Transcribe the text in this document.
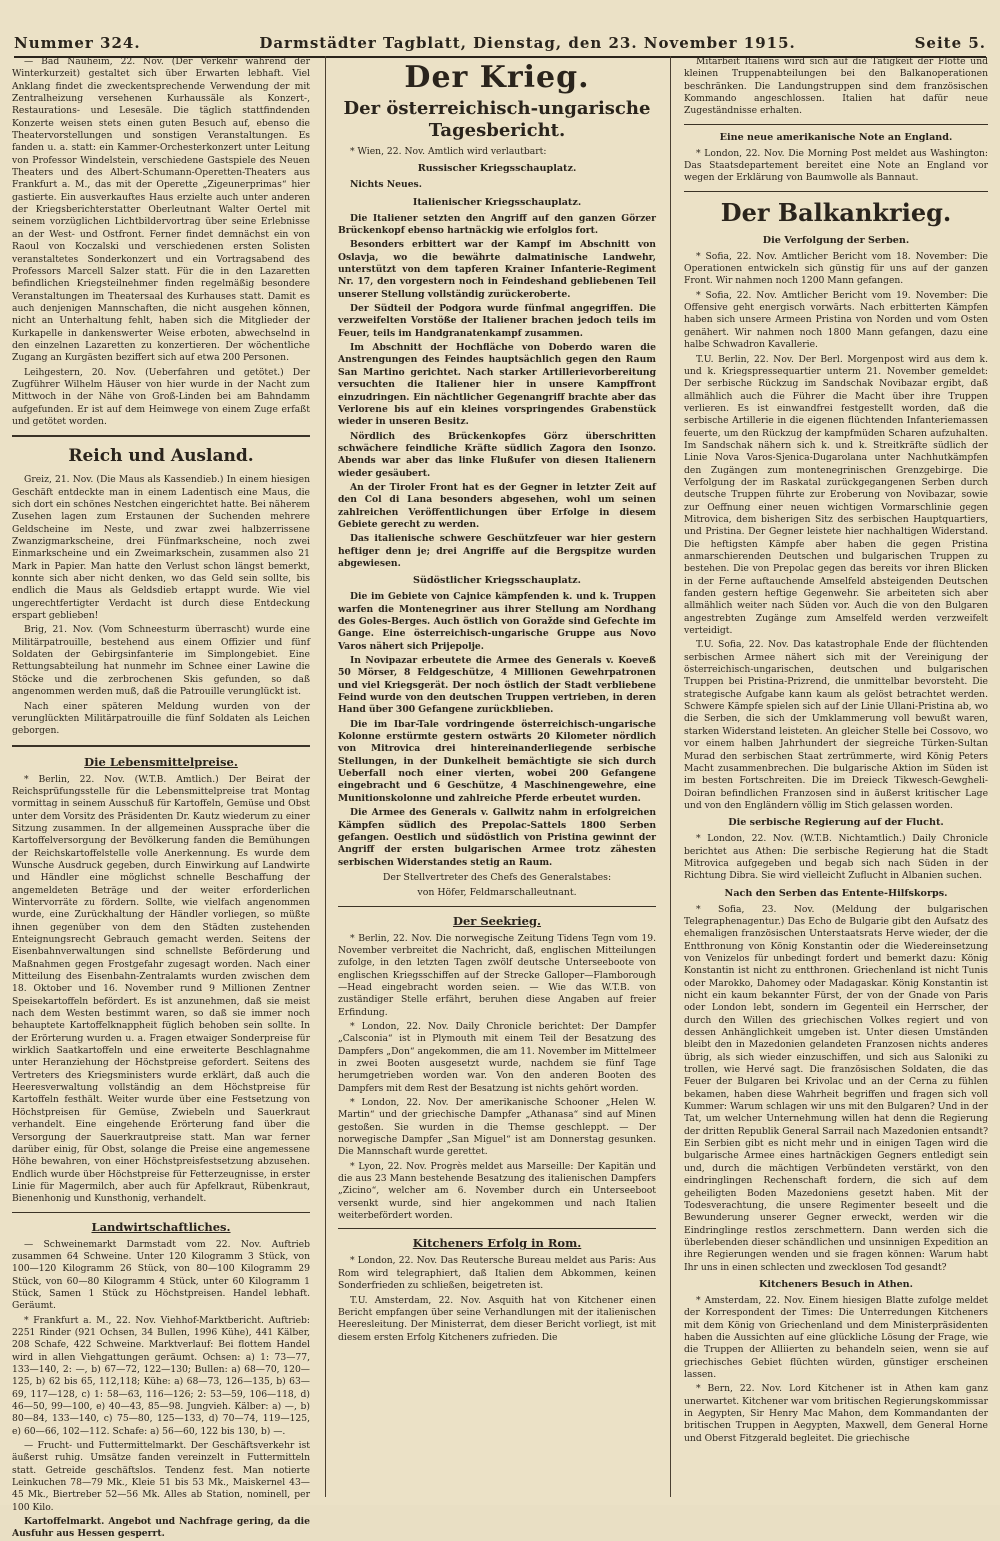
Nummer 324.	Darmstädter Tagblatt, Dienstag, den 23. November 1915.	Seite 5.

— Bad Nauheim, 22. Nov. (Der Verkehr während der Winterkurzeit) gestaltet sich über Erwarten lebhaft. Viel Anklang findet die zweckentsprechende Verwendung der mit Zentralheizung versehenen Kurhaussäle als Konzert-, Restaurations- und Lesesäle. Die täglich stattfindenden Konzerte weisen stets einen guten Besuch auf, ebenso die Theatervorstellungen und sonstigen Veranstaltungen. Es fanden u. a. statt: ein Kammer-Orchesterkonzert unter Leitung von Professor Windelstein, verschiedene Gastspiele des Neuen Theaters und des Albert-Schumann-Operetten-Theaters aus Frankfurt a. M., das mit der Operette „Zigeunerprimas“ hier gastierte. Ein ausverkauftes Haus erzielte auch unter anderen der Kriegsberichterstatter Oberleutnant Walter Oertel mit seinem vorzüglichen Lichtbildervortrag über seine Erlebnisse an der West- und Ostfront. Ferner findet demnächst ein von Raoul von Koczalski und verschiedenen ersten Solisten veranstaltetes Sonderkonzert und ein Vortragsabend des Professors Marcell Salzer statt. Für die in den Lazaretten befindlichen Kriegsteilnehmer finden regelmäßig besondere Veranstaltungen im Theatersaal des Kurhauses statt. Damit es auch denjenigen Mannschaften, die nicht ausgehen können, nicht an Unterhaltung fehlt, haben sich die Mitglieder der Kurkapelle in dankenswerter Weise erboten, abwechselnd in den einzelnen Lazaretten zu konzertieren. Der wöchentliche Zugang an Kurgästen beziffert sich auf etwa 200 Personen.

Leihgestern, 20. Nov. (Ueberfahren und getötet.) Der Zugführer Wilhelm Häuser von hier wurde in der Nacht zum Mittwoch in der Nähe von Groß-Linden bei am Bahndamm aufgefunden. Er ist auf dem Heimwege von einem Zuge erfaßt und getötet worden.

Reich und Ausland.

Greiz, 21. Nov. (Die Maus als Kassendieb.) In einem hiesigen Geschäft entdeckte man in einem Ladentisch eine Maus, die sich dort ein schönes Nestchen eingerichtet hatte. Bei näherem Zusehen lagen zum Erstaunen der Suchenden mehrere Geldscheine im Neste, und zwar zwei halbzerrissene Zwanzigmarkscheine, drei Fünfmarkscheine, noch zwei Einmarkscheine und ein Zweimarkschein, zusammen also 21 Mark in Papier. Man hatte den Verlust schon längst bemerkt, konnte sich aber nicht denken, wo das Geld sein sollte, bis endlich die Maus als Geldsdieb ertappt wurde. Wie viel ungerechtfertigter Verdacht ist durch diese Entdeckung erspart geblieben!

Brig, 21. Nov. (Vom Schneesturm überrascht) wurde eine Militärpatrouille, bestehend aus einem Offizier und fünf Soldaten der Gebirgsinfanterie im Simplongebiet. Eine Rettungsabteilung hat nunmehr im Schnee einer Lawine die Stöcke und die zerbrochenen Skis gefunden, so daß angenommen werden muß, daß die Patrouille verunglückt ist.

Nach einer späteren Meldung wurden von der verunglückten Militärpatrouille die fünf Soldaten als Leichen geborgen.

Die Lebensmittelpreise.

* Berlin, 22. Nov. (W.T.B. Amtlich.) Der Beirat der Reichsprüfungsstelle für die Lebensmittelpreise trat Montag vormittag in seinem Ausschuß für Kartoffeln, Gemüse und Obst unter dem Vorsitz des Präsidenten Dr. Kautz wiederum zu einer Sitzung zusammen. In der allgemeinen Aussprache über die Kartoffelversorgung der Bevölkerung fanden die Bemühungen der Reichskartoffelstelle volle Anerkennung. Es wurde dem Wunsche Ausdruck gegeben, durch Einwirkung auf Landwirte und Händler eine möglichst schnelle Beschaffung der angemeldeten Beträge und der weiter erforderlichen Wintervorräte zu fördern. Sollte, wie vielfach angenommen wurde, eine Zurückhaltung der Händler vorliegen, so müßte ihnen gegenüber von dem den Städten zustehenden Enteignungsrecht Gebrauch gemacht werden. Seitens der Eisenbahnverwaltungen sind schnellste Beförderung und Maßnahmen gegen Frostgefahr zugesagt worden. Nach einer Mitteilung des Eisenbahn-Zentralamts wurden zwischen dem 18. Oktober und 16. November rund 9 Millionen Zentner Speisekartoffeln befördert. Es ist anzunehmen, daß sie meist nach dem Westen bestimmt waren, so daß sie immer noch behauptete Kartoffelknappheit füglich behoben sein sollte. In der Erörterung wurden u. a. Fragen etwaiger Sonderpreise für wirklich Saatkartoffeln und eine erweiterte Beschlagnahme unter Heranziehung der Höchstpreise gefordert. Seitens des Vertreters des Kriegsministers wurde erklärt, daß auch die Heeresverwaltung vollständig an dem Höchstpreise für Kartoffeln festhält. Weiter wurde über eine Festsetzung von Höchstpreisen für Gemüse, Zwiebeln und Sauerkraut verhandelt. Eine eingehende Erörterung fand über die Versorgung der Sauerkrautpreise statt. Man war ferner darüber einig, für Obst, solange die Preise eine angemessene Höhe bewahren, von einer Höchstpreisfestsetzung abzusehen. Endlich wurde über Höchstpreise für Fetterzeugnisse, in erster Linie für Magermilch, aber auch für Apfelkraut, Rübenkraut, Bienenhonig und Kunsthonig, verhandelt.

Landwirtschaftliches.

— Schweinemarkt Darmstadt vom 22. Nov. Auftrieb zusammen 64 Schweine. Unter 120 Kilogramm 3 Stück, von 100—120 Kilogramm 26 Stück, von 80—100 Kilogramm 29 Stück, von 60—80 Kilogramm 4 Stück, unter 60 Kilogramm 1 Stück, Samen 1 Stück zu Höchstpreisen. Handel lebhaft. Geräumt.

* Frankfurt a. M., 22. Nov. Viehhof-Marktbericht. Auftrieb: 2251 Rinder (921 Ochsen, 34 Bullen, 1996 Kühe), 441 Kälber, 208 Schafe, 422 Schweine. Marktverlauf: Bei flottem Handel wird in allen Viehgattungen geräumt. Ochsen: a) 1: 73—77, 133—140, 2: —, b) 67—72, 122—130; Bullen: a) 68—70, 120—125, b) 62 bis 65, 112,118; Kühe: a) 68—73, 126—135, b) 63—69, 117—128, c) 1: 58—63, 116—126; 2: 53—59, 106—118, d) 46—50, 99—100, e) 40—43, 85—98. Jungvieh. Kälber: a) —, b) 80—84, 133—140, c) 75—80, 125—133, d) 70—74, 119—125, e) 60—66, 102—112. Schafe: a) 56—60, 122 bis 130, b) —.

— Frucht- und Futtermittelmarkt. Der Geschäftsverkehr ist äußerst ruhig. Umsätze fanden vereinzelt in Futtermitteln statt. Getreide geschäftslos. Tendenz fest. Man notierte Leinkuchen 78—79 Mk., Kleie 51 bis 53 Mk., Maiskernel 43—45 Mk., Biertreber 52—56 Mk. Alles ab Station, nominell, per 100 Kilo.

Kartoffelmarkt. Angebot und Nachfrage gering, da die Ausfuhr aus Hessen gesperrt.

Der Krieg.
Der österreichisch-ungarische Tagesbericht.

* Wien, 22. Nov. Amtlich wird verlautbart:

Russischer Kriegsschauplatz.

Nichts Neues.

Italienischer Kriegsschauplatz.

Die Italiener setzten den Angriff auf den ganzen Görzer Brückenkopf ebenso hartnäckig wie erfolglos fort.

Besonders erbittert war der Kampf im Abschnitt von Oslavja, wo die bewährte dalmatinische Landwehr, unterstützt von dem tapferen Krainer Infanterie-Regiment Nr. 17, den vorgestern noch in Feindeshand gebliebenen Teil unserer Stellung vollständig zurückeroberte.

Der Südteil der Podgora wurde fünfmal angegriffen. Die verzweifelten Vorstöße der Italiener brachen jedoch teils im Feuer, teils im Handgranatenkampf zusammen.

Im Abschnitt der Hochfläche von Doberdo waren die Anstrengungen des Feindes hauptsächlich gegen den Raum San Martino gerichtet. Nach starker Artillerievorbereitung versuchten die Italiener hier in unsere Kampffront einzudringen. Ein nächtlicher Gegenangriff brachte aber das Verlorene bis auf ein kleines vorspringendes Grabenstück wieder in unseren Besitz.

Nördlich des Brückenkopfes Görz überschritten schwächere feindliche Kräfte südlich Zagora den Isonzo. Abends war aber das linke Flußufer von diesen Italienern wieder gesäubert.

An der Tiroler Front hat es der Gegner in letzter Zeit auf den Col di Lana besonders abgesehen, wohl um seinen zahlreichen Veröffentlichungen über Erfolge in diesem Gebiete gerecht zu werden.

Das italienische schwere Geschützfeuer war hier gestern heftiger denn je; drei Angriffe auf die Bergspitze wurden abgewiesen.

Südöstlicher Kriegsschauplatz.

Die im Gebiete von Cajnice kämpfenden k. und k. Truppen warfen die Montenegriner aus ihrer Stellung am Nordhang des Goles-Berges. Auch östlich von Goražde sind Gefechte im Gange. Eine österreichisch-ungarische Gruppe aus Novo Varos nähert sich Prijepolje.

In Novipazar erbeutete die Armee des Generals v. Koeveß 50 Mörser, 8 Feldgeschütze, 4 Millionen Gewehrpatronen und viel Kriegsgerät. Der noch östlich der Stadt verbliebene Feind wurde von den deutschen Truppen vertrieben, in deren Hand über 300 Gefangene zurückblieben.

Die im Ibar-Tale vordringende österreichisch-ungarische Kolonne erstürmte gestern ostwärts 20 Kilometer nördlich von Mitrovica drei hintereinanderliegende serbische Stellungen, in der Dunkelheit bemächtigte sie sich durch Ueberfall noch einer vierten, wobei 200 Gefangene eingebracht und 6 Geschütze, 4 Maschinengewehre, eine Munitionskolonne und zahlreiche Pferde erbeutet wurden.

Die Armee des Generals v. Gallwitz nahm in erfolgreichen Kämpfen südlich des Prepolac-Sattels 1800 Serben gefangen. Oestlich und südöstlich von Pristina gewinnt der Angriff der ersten bulgarischen Armee trotz zähesten serbischen Widerstandes stetig an Raum.

Der Stellvertreter des Chefs des Generalstabes:
von Höfer, Feldmarschalleutnant.
Der Seekrieg.

* Berlin, 22. Nov. Die norwegische Zeitung Tidens Tegn vom 19. November verbreitet die Nachricht, daß, englischen Mitteilungen zufolge, in den letzten Tagen zwölf deutsche Unterseeboote von englischen Kriegsschiffen auf der Strecke Galloper—Flamborough—Head eingebracht worden seien. — Wie das W.T.B. von zuständiger Stelle erfährt, beruhen diese Angaben auf freier Erfindung.

* London, 22. Nov. Daily Chronicle berichtet: Der Dampfer „Calsconia“ ist in Plymouth mit einem Teil der Besatzung des Dampfers „Don“ angekommen, die am 11. November im Mittelmeer in zwei Booten ausgesetzt wurde, nachdem sie fünf Tage herumgetrieben worden war. Von den anderen Booten des Dampfers mit dem Rest der Besatzung ist nichts gehört worden.

* London, 22. Nov. Der amerikanische Schooner „Helen W. Martin“ und der griechische Dampfer „Athanasa“ sind auf Minen gestoßen. Sie wurden in die Themse geschleppt. — Der norwegische Dampfer „San Miguel“ ist am Donnerstag gesunken. Die Mannschaft wurde gerettet.

* Lyon, 22. Nov. Progrès meldet aus Marseille: Der Kapitän und die aus 23 Mann bestehende Besatzung des italienischen Dampfers „Zicino“, welcher am 6. November durch ein Unterseeboot versenkt wurde, sind hier angekommen und nach Italien weiterbefördert worden.

Kitcheners Erfolg in Rom.

* London, 22. Nov. Das Reutersche Bureau meldet aus Paris: Aus Rom wird telegraphiert, daß Italien dem Abkommen, keinen Sonderfrieden zu schließen, beigetreten ist.

T.U. Amsterdam, 22. Nov. Asquith hat von Kitchener einen Bericht empfangen über seine Verhandlungen mit der italienischen Heeresleitung. Der Ministerrat, dem dieser Bericht vorliegt, ist mit diesem ersten Erfolg Kitcheners zufrieden. Die

Mitarbeit Italiens wird sich auf die Tätigkeit der Flotte und kleinen Truppenabteilungen bei den Balkanoperationen beschränken. Die Landungstruppen sind dem französischen Kommando angeschlossen. Italien hat dafür neue Zugeständnisse erhalten.

Eine neue amerikanische Note an England.

* London, 22. Nov. Die Morning Post meldet aus Washington: Das Staatsdepartement bereitet eine Note an England vor wegen der Erklärung von Baumwolle als Bannaut.

Der Balkankrieg.
Die Verfolgung der Serben.

* Sofia, 22. Nov. Amtlicher Bericht vom 18. November: Die Operationen entwickeln sich günstig für uns auf der ganzen Front. Wir nahmen noch 1200 Mann gefangen.

* Sofia, 22. Nov. Amtlicher Bericht vom 19. November: Die Offensive geht energisch vorwärts. Nach erbitterten Kämpfen haben sich unsere Armeen Pristina von Norden und vom Osten genähert. Wir nahmen noch 1800 Mann gefangen, dazu eine halbe Schwadron Kavallerie.

T.U. Berlin, 22. Nov. Der Berl. Morgenpost wird aus dem k. und k. Kriegspressequartier unterm 21. November gemeldet: Der serbische Rückzug im Sandschak Novibazar ergibt, daß allmählich auch die Führer die Macht über ihre Truppen verlieren. Es ist einwandfrei festgestellt worden, daß die serbische Artillerie in die eigenen flüchtenden Infanteriemassen feuerte, um den Rückzug der kampfmüden Scharen aufzuhalten. Im Sandschak nähern sich k. und k. Streitkräfte südlich der Linie Nova Varos-Sjenica-Dugarolana unter Nachhutkämpfen den Zugängen zum montenegrinischen Grenzgebirge. Die Verfolgung der im Raskatal zurückgegangenen Serben durch deutsche Truppen führte zur Eroberung von Novibazar, sowie zur Oeffnung einer neuen wichtigen Vormarschlinie gegen Mitrovica, dem bisherigen Sitz des serbischen Hauptquartiers, und Pristina. Der Gegner leistete hier nachhaltigen Widerstand. Die heftigsten Kämpfe aber haben die gegen Pristina anmarschierenden Deutschen und bulgarischen Truppen zu bestehen. Die von Prepolac gegen das bereits vor ihren Blicken in der Ferne auftauchende Amselfeld absteigenden Deutschen fanden gestern heftige Gegenwehr. Sie arbeiteten sich aber allmählich weiter nach Süden vor. Auch die von den Bulgaren angestrebten Zugänge zum Amselfeld werden verzweifelt verteidigt.

T.U. Sofia, 22. Nov. Das katastrophale Ende der flüchtenden serbischen Armee nähert sich mit der Vereinigung der österreichisch-ungarischen, deutschen und bulgarischen Truppen bei Pristina-Prizrend, die unmittelbar bevorsteht. Die strategische Aufgabe kann kaum als gelöst betrachtet werden. Schwere Kämpfe spielen sich auf der Linie Ullani-Pristina ab, wo die Serben, die sich der Umklammerung voll bewußt waren, starken Widerstand leisteten. An gleicher Stelle bei Cossovo, wo vor einem halben Jahrhundert der siegreiche Türken-Sultan Murad den serbischen Staat zertrümmerte, wird König Peters Macht zusammenbrechen. Die bulgarische Aktion im Süden ist im besten Fortschreiten. Die im Dreieck Tikwesch-Gewgheli-Doiran befindlichen Franzosen sind in äußerst kritischer Lage und von den Engländern völlig im Stich gelassen worden.

Die serbische Regierung auf der Flucht.

* London, 22. Nov. (W.T.B. Nichtamtlich.) Daily Chronicle berichtet aus Athen: Die serbische Regierung hat die Stadt Mitrovica aufgegeben und begab sich nach Süden in der Richtung Dibra. Sie wird vielleicht Zuflucht in Albanien suchen.

Nach den Serben das Entente-Hilfskorps.

* Sofia, 23. Nov. (Meldung der bulgarischen Telegraphenagentur.) Das Echo de Bulgarie gibt den Aufsatz des ehemaligen französischen Unterstaatsrats Herve wieder, der die Entthronung von König Konstantin oder die Wiedereinsetzung von Venizelos für unbedingt fordert und bemerkt dazu: König Konstantin ist nicht zu entthronen. Griechenland ist nicht Tunis oder Marokko, Dahomey oder Madagaskar. König Konstantin ist nicht ein kaum bekannter Fürst, der von der Gnade von Paris oder London lebt, sondern im Gegenteil ein Herrscher, der durch den Willen des griechischen Volkes regiert und von dessen Anhänglichkeit umgeben ist. Unter diesen Umständen bleibt den in Mazedonien gelandeten Franzosen nichts anderes übrig, als sich wieder einzuschiffen, und sich aus Saloniki zu trollen, wie Hervé sagt. Die französischen Soldaten, die das Feuer der Bulgaren bei Krivolac und an der Cerna zu fühlen bekamen, haben diese Wahrheit begriffen und fragen sich voll Kummer: Warum schlagen wir uns mit den Bulgaren? Und in der Tat, um welcher Unternehmung willen hat denn die Regierung der dritten Republik General Sarrail nach Mazedonien entsandt? Ein Serbien gibt es nicht mehr und in einigen Tagen wird die bulgarische Armee eines hartnäckigen Gegners entledigt sein und, durch die mächtigen Verbündeten verstärkt, von den eindringlingen Rechenschaft fordern, die sich auf dem geheiligten Boden Mazedoniens gesetzt haben. Mit der Todesverachtung, die unsere Regimenter beseelt und die Bewunderung unserer Gegner erweckt, werden wir die Eindringlinge restlos zerschmettern. Dann werden sich die überlebenden dieser schändlichen und unsinnigen Expedition an ihre Regierungen wenden und sie fragen können: Warum habt Ihr uns in einen schlecten und zwecklosen Tod gesandt?

Kitcheners Besuch in Athen.

* Amsterdam, 22. Nov. Einem hiesigen Blatte zufolge meldet der Korrespondent der Times: Die Unterredungen Kitcheners mit dem König von Griechenland und dem Ministerpräsidenten haben die Aussichten auf eine glückliche Lösung der Frage, wie die Truppen der Alliierten zu behandeln seien, wenn sie auf griechisches Gebiet flüchten würden, günstiger erscheinen lassen.

* Bern, 22. Nov. Lord Kitchener ist in Athen kam ganz unerwartet. Kitchener war vom britischen Regierungskommissar in Aegypten, Sir Henry Mac Mahon, dem Kommandanten der britischen Truppen in Aegypten, Maxwell, dem General Horne und Oberst Fitzgerald begleitet. Die griechische
